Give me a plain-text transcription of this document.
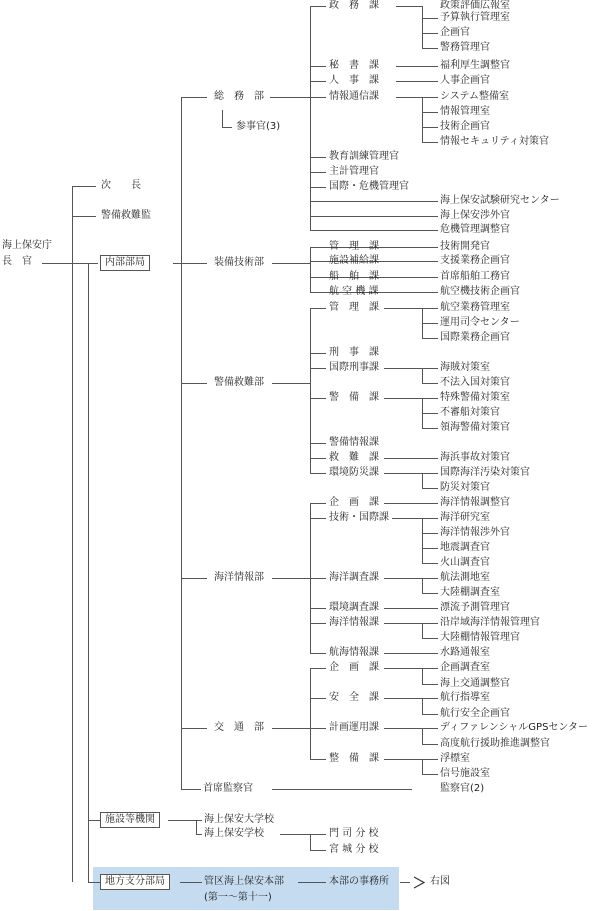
海上保安庁
長　官
次　　長
警備救難監
内部部局
施設等機関
地方支分部局
総　務　部
参事官(3)
政　務　課	政策評価広報室
予算執行管理室
企画官
警務管理官
秘　書　課	福利厚生調整官
人　事　課	人事企画官
情報通信課	システム整備室
情報管理室
技術企画官
情報セキュリティ対策官
教育訓練管理官
主計管理官
国際・危機管理官
海上保安試験研究センター
海上保安渉外官
危機管理調整官
装備技術部
管　理　課	技術開発官
施設補給課	支援業務企画官
船　舶　課	首席船舶工務官
航 空 機 課	航空機技術企画官
警備救難部
管　理　課	航空業務管理室
運用司令センター
国際業務企画官
刑　事　課
国際刑事課	海賊対策室
不法入国対策官
警　備　課	特殊警備対策室
不審船対策官
領海警備対策官
警備情報課
救　難　課	海浜事故対策官
環境防災課	国際海洋汚染対策官
防災対策官
海洋情報部
企　画　課	海洋情報調整官
技術・国際課	海洋研究室
海洋情報渉外官
地震調査官
火山調査官
海洋調査課	航法測地室
大陸棚調査室
環境調査課	漂流予測管理官
海洋情報課	沿岸域海洋情報管理官
大陸棚情報管理官
航海情報課	水路通報室
交　通　部
企　画　課	企画調査室
海上交通調整官
安　全　課	航行指導室
航行安全企画官
計画運用課	ディファレンシャルGPSセンター
高度航行援助推進調整官
整　備　課	浮標室
信号施設室
首席監察官	監察官(2)
海上保安大学校
海上保安学校	門 司 分 校
宮 城 分 校
管区海上保安本部
(第一～第十一)
本部の事務所	右図
